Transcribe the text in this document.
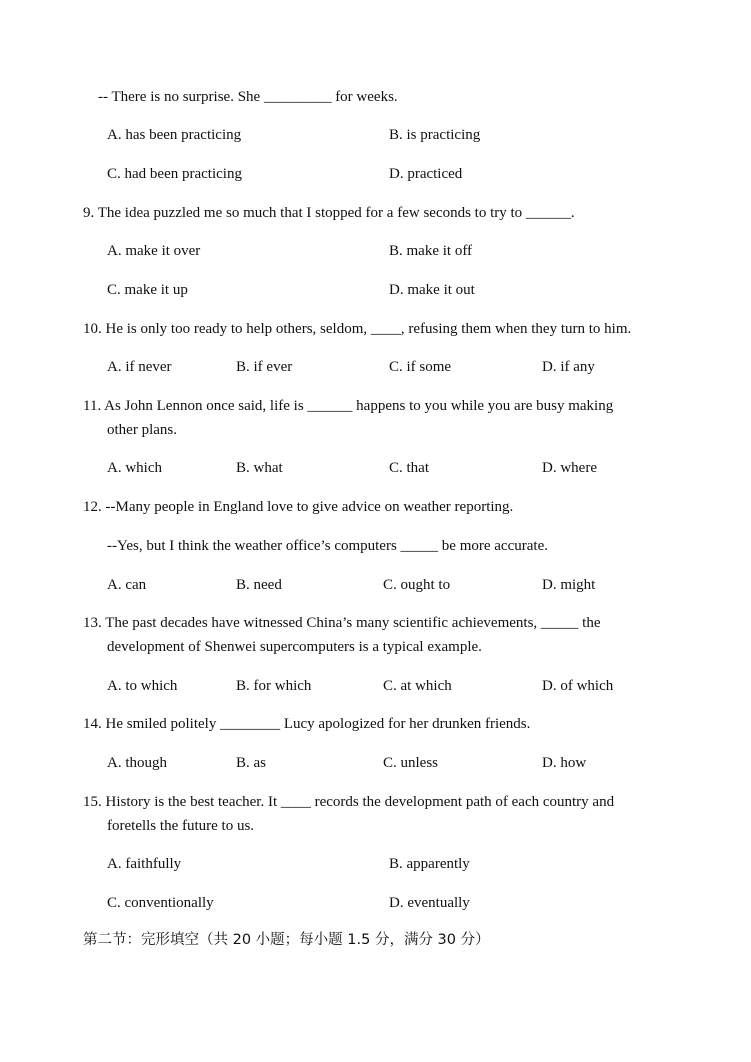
-- There is no surprise. She _________ for weeks.
A. has been practicing	B. is practicing
C. had been practicing	D. practiced
9. The idea puzzled me so much that I stopped for a few seconds to try to ______.
A. make it over	B. make it off
C. make it up	D. make it out
10. He is only too ready to help others, seldom, ____, refusing them when they turn to him.
A. if never	B. if ever	C. if some	D. if any
11. As John Lennon once said, life is ______ happens to you while you are busy making
other plans.
A. which	B. what	C. that	D. where
12. --Many people in England love to give advice on weather reporting.
--Yes, but I think the weather office’s computers _____ be more accurate.
A. can	B. need	C. ought to	D. might
13. The past decades have witnessed China’s many scientific achievements, _____ the
development of Shenwei supercomputers is a typical example.
A. to which	B. for which	C. at which	D. of which
14. He smiled politely ________ Lucy apologized for her drunken friends.
A. though	B. as	C. unless	D. how
15. History is the best teacher. It ____ records the development path of each country and
foretells the future to us.
A. faithfully	B. apparently
C. conventionally	D. eventually
第二节：完形填空（共 20 小题；每小题 1.5 分，满分 30 分）
